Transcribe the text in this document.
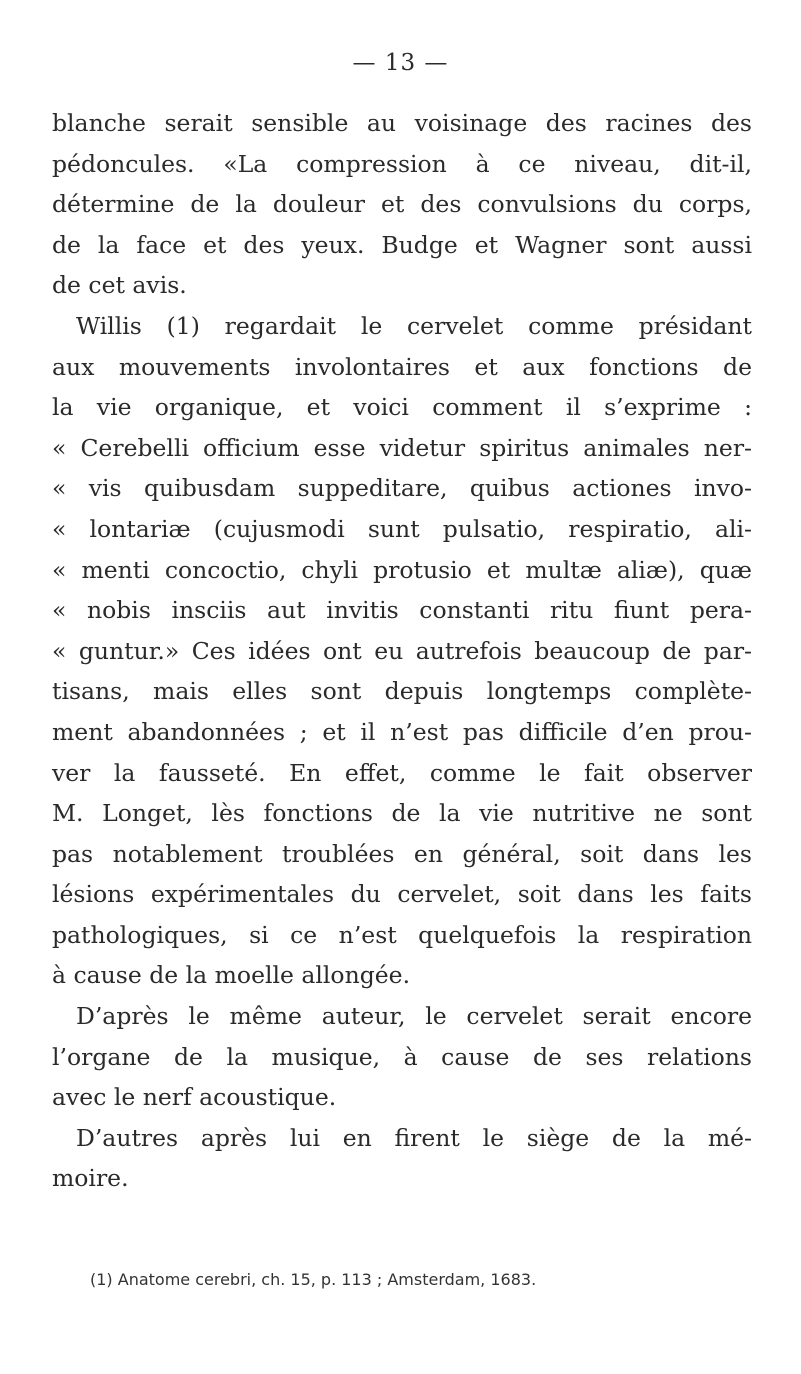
— 13 —
blanche serait sensible au voisinage des racines des
pédoncules. «La compression à ce niveau, dit-il,
détermine de la douleur et des convulsions du corps,
de la face et des yeux. Budge et Wagner sont aussi
de cet avis.
Willis (1) regardait le cervelet comme présidant
aux mouvements involontaires et aux fonctions de
la vie organique, et voici comment il s’exprime :
« Cerebelli officium esse videtur spiritus animales ner-
« vis quibusdam suppeditare, quibus actiones invo-
« lontariæ (cujusmodi sunt pulsatio, respiratio, ali-
« menti concoctio, chyli protusio et multæ aliæ), quæ
« nobis insciis aut invitis constanti ritu fiunt pera-
« guntur.» Ces idées ont eu autrefois beaucoup de par-
tisans, mais elles sont depuis longtemps complète-
ment abandonnées ; et il n’est pas difficile d’en prou-
ver la fausseté. En effet, comme le fait observer
M. Longet, lès fonctions de la vie nutritive ne sont
pas notablement troublées en général, soit dans les
lésions expérimentales du cervelet, soit dans les faits
pathologiques, si ce n’est quelquefois la respiration
à cause de la moelle allongée.
D’après le même auteur, le cervelet serait encore
l’organe de la musique, à cause de ses relations
avec le nerf acoustique.
D’autres après lui en firent le siège de la mé-
moire.
(1) Anatome cerebri, ch. 15, p. 113 ; Amsterdam, 1683.
